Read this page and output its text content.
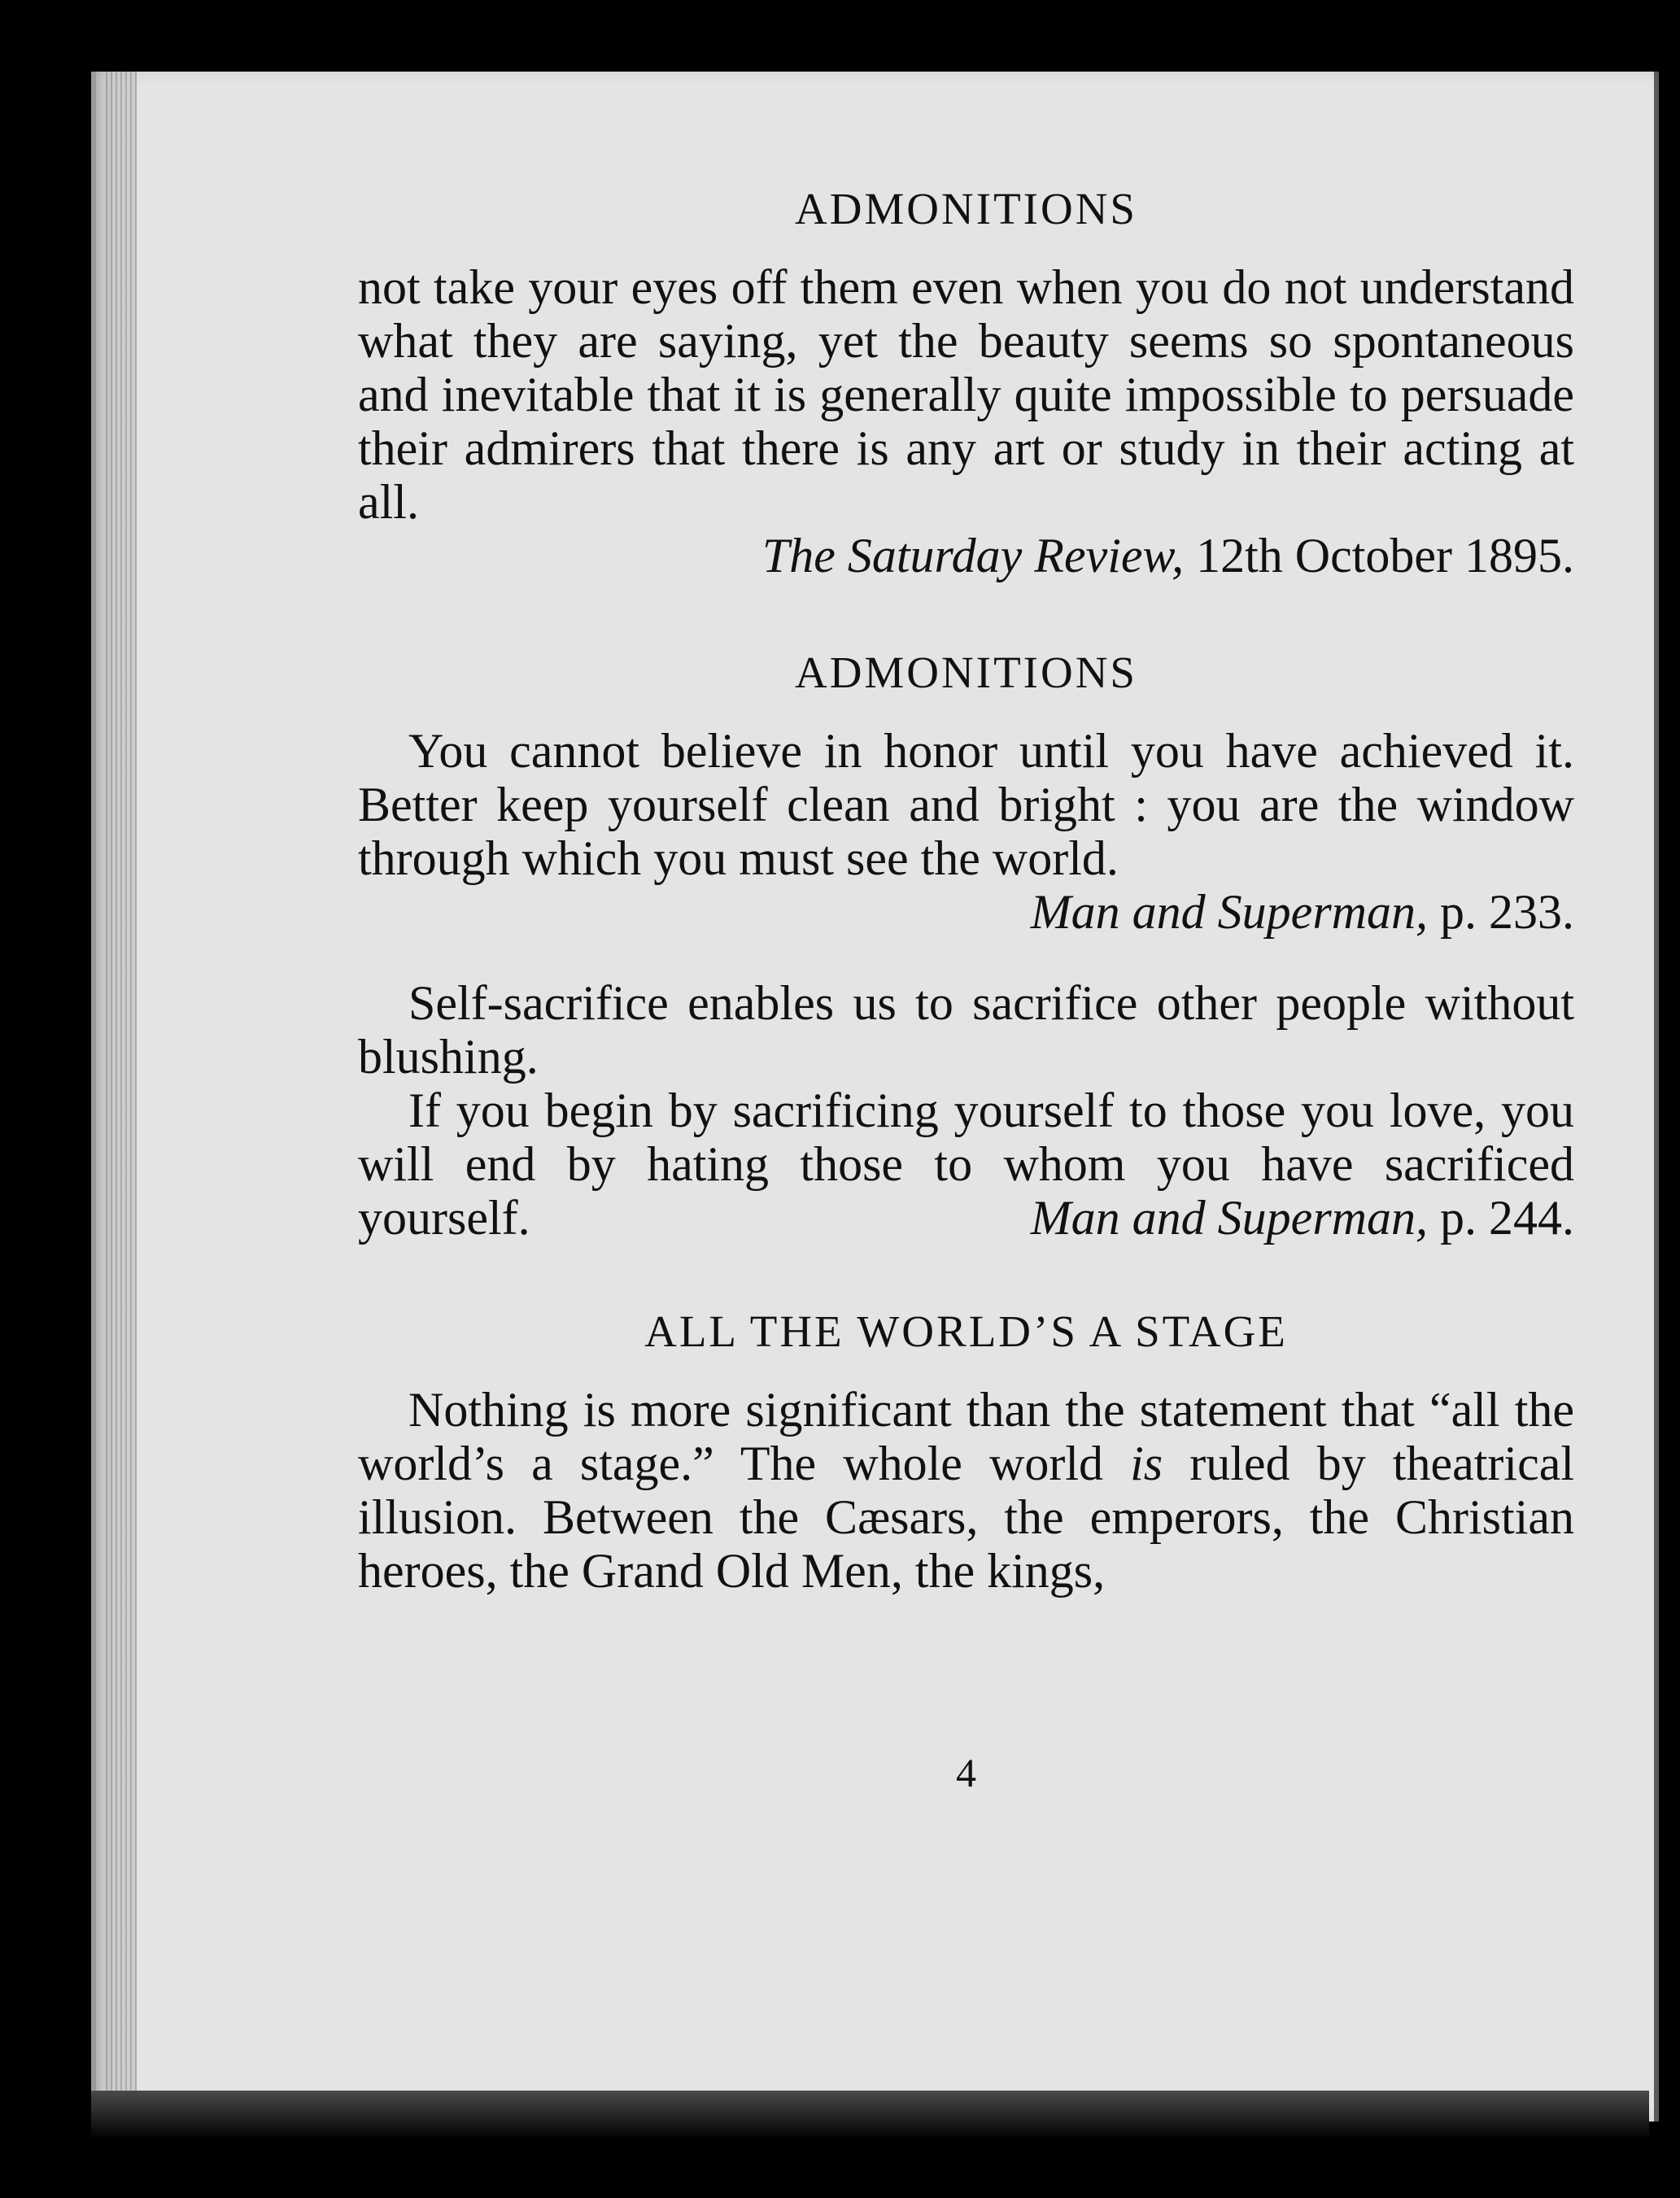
ADMONITIONS

not take your eyes off them even when you do not understand what they are saying, yet the beauty seems so spontaneous and inevitable that it is generally quite impossible to persuade their admirers that there is any art or study in their acting at all.

The Saturday Review, 12th October 1895.

ADMONITIONS

You cannot believe in honor until you have achieved it. Better keep yourself clean and bright : you are the window through which you must see the world.

Man and Superman, p. 233.

Self-sacrifice enables us to sacrifice other people without blushing.

If you begin by sacrificing yourself to those you love, you will end by hating those to whom you have sacrificed

yourself.	Man and Superman, p. 244.
ALL THE WORLD’S A STAGE

Nothing is more significant than the statement that “all the world’s a stage.” The whole world is ruled by theatrical illusion. Between the Cæsars, the emperors, the Christian heroes, the Grand Old Men, the kings,

4
